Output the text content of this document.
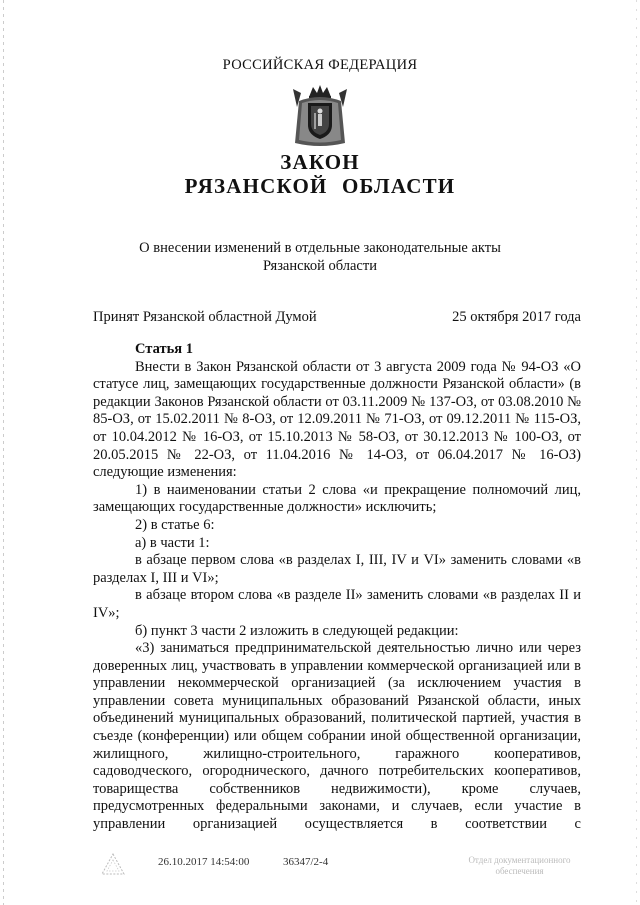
РОССИЙСКАЯ ФЕДЕРАЦИЯ
ЗАКОН
РЯЗАНСКОЙ ОБЛАСТИ
О внесении изменений в отдельные законодательные акты
Рязанской области
Принят Рязанской областной Думой	25 октября 2017 года

Статья 1

Внести в Закон Рязанской области от 3 августа 2009 года № 94-ОЗ «О статусе лиц, замещающих государственные должности Рязанской области» (в редакции Законов Рязанской области от 03.11.2009 № 137-ОЗ, от 03.08.2010 № 85-ОЗ, от 15.02.2011 № 8-ОЗ, от 12.09.2011 № 71-ОЗ, от 09.12.2011 № 115-ОЗ, от 10.04.2012 № 16-ОЗ, от 15.10.2013 № 58-ОЗ, от 30.12.2013 № 100-ОЗ, от 20.05.2015 № 22-ОЗ, от 11.04.2016 № 14-ОЗ, от 06.04.2017 № 16-ОЗ) следующие изменения:

1) в наименовании статьи 2 слова «и прекращение полномочий лиц, замещающих государственные должности» исключить;

2) в статье 6:

а) в части 1:

в абзаце первом слова «в разделах I, III, IV и VI» заменить словами «в разделах I, III и VI»;

в абзаце втором слова «в разделе II» заменить словами «в разделах II и IV»;

б) пункт 3 части 2 изложить в следующей редакции:

«3) заниматься предпринимательской деятельностью лично или через доверенных лиц, участвовать в управлении коммерческой организацией или в управлении некоммерческой организацией (за исключением участия в управлении совета муниципальных образований Рязанской области, иных объединений муниципальных образований, политической партией, участия в съезде (конференции) или общем собрании иной общественной организации, жилищного, жилищно-строительного, гаражного кооперативов, садоводческого, огороднического, дачного потребительских кооперативов, товарищества собственников недвижимости), кроме случаев, предусмотренных федеральными законами, и случаев, если участие в управлении организацией осуществляется в соответствии с

26.10.2017 14:54:00	36347/2-4	Отдел документационного
обеспечения
